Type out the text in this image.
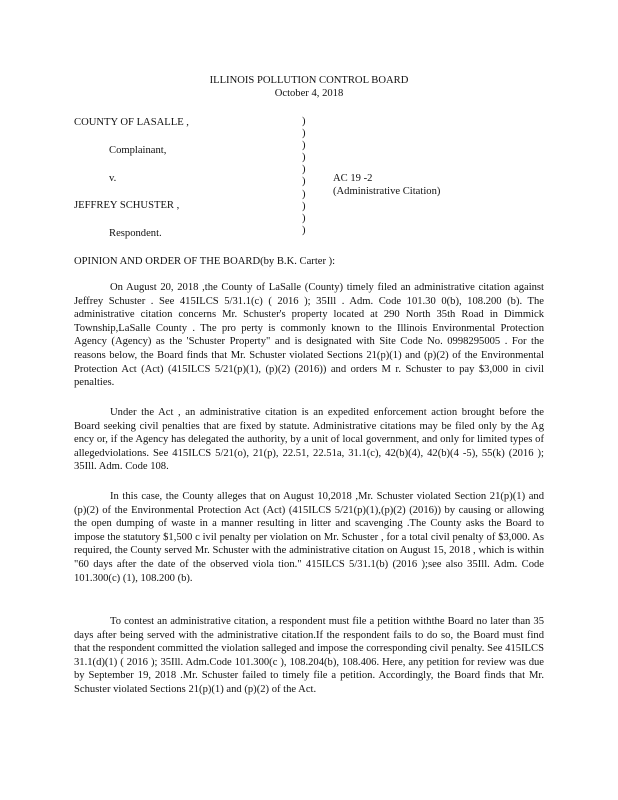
ILLINOIS POLLUTION CONTROL BOARD
October 4, 2018
COUNTY OF LASALLE ,
Complainant,
v.
JEFFREY SCHUSTER ,
Respondent.
)
)
)
)
)
)
)
)
)
)
AC 19 -2
(Administrative Citation)
OPINION AND ORDER OF THE BOARD(by B.K. Carter ):
On August 20, 2018 ,the County of LaSalle (County) timely filed an administrative citation against Jeffrey Schuster . See 415ILCS 5/31.1(c) ( 2016 ); 35Ill . Adm. Code 101.30 0(b), 108.200 (b). The administrative citation concerns Mr. Schuster's property located at 290 North 35th Road in Dimmick Township,LaSalle County . The pro perty is commonly known to the Illinois Environmental Protection Agency (Agency) as the 'Schuster Property" and is designated with Site Code No. 0998295005 . For the reasons below, the Board finds that Mr. Schuster violated Sections 21(p)(1) and (p)(2) of the Environmental Protection Act (Act) (415ILCS 5/21(p)(1), (p)(2) (2016)) and orders M r. Schuster to pay $3,000 in civil penalties.
Under the Act , an administrative citation is an expedited enforcement action brought before the Board seeking civil penalties that are fixed by statute. Administrative citations may be filed only by the Ag ency or, if the Agency has delegated the authority, by a unit of local government, and only for limited types of allegedviolations. See 415ILCS 5/21(o), 21(p), 22.51, 22.51a, 31.1(c), 42(b)(4), 42(b)(4 -5), 55(k) (2016 ); 35Ill. Adm. Code 108.
In this case, the County alleges that on August 10,2018 ,Mr. Schuster violated Section 21(p)(1) and (p)(2) of the Environmental Protection Act (Act) (415ILCS 5/21(p)(1),(p)(2) (2016)) by causing or allowing the open dumping of waste in a manner resulting in litter and scavenging .The County asks the Board to impose the statutory $1,500 c ivil penalty per violation on Mr. Schuster , for a total civil penalty of $3,000. As required, the County served Mr. Schuster with the administrative citation on August 15, 2018 , which is within "60 days after the date of the observed viola tion." 415ILCS 5/31.1(b) (2016 );see also 35Ill. Adm. Code 101.300(c) (1), 108.200 (b).
To contest an administrative citation, a respondent must file a petition withthe Board no later than 35 days after being served with the administrative citation.If the respondent fails to do so, the Board must find that the respondent committed the violation salleged and impose the corresponding civil penalty. See 415ILCS 31.1(d)(1) ( 2016 ); 35Ill. Adm.Code 101.300(c ), 108.204(b), 108.406. Here, any petition for review was due by September 19, 2018 .Mr. Schuster failed to timely file a petition. Accordingly, the Board finds that Mr. Schuster violated Sections 21(p)(1) and (p)(2) of the Act.
